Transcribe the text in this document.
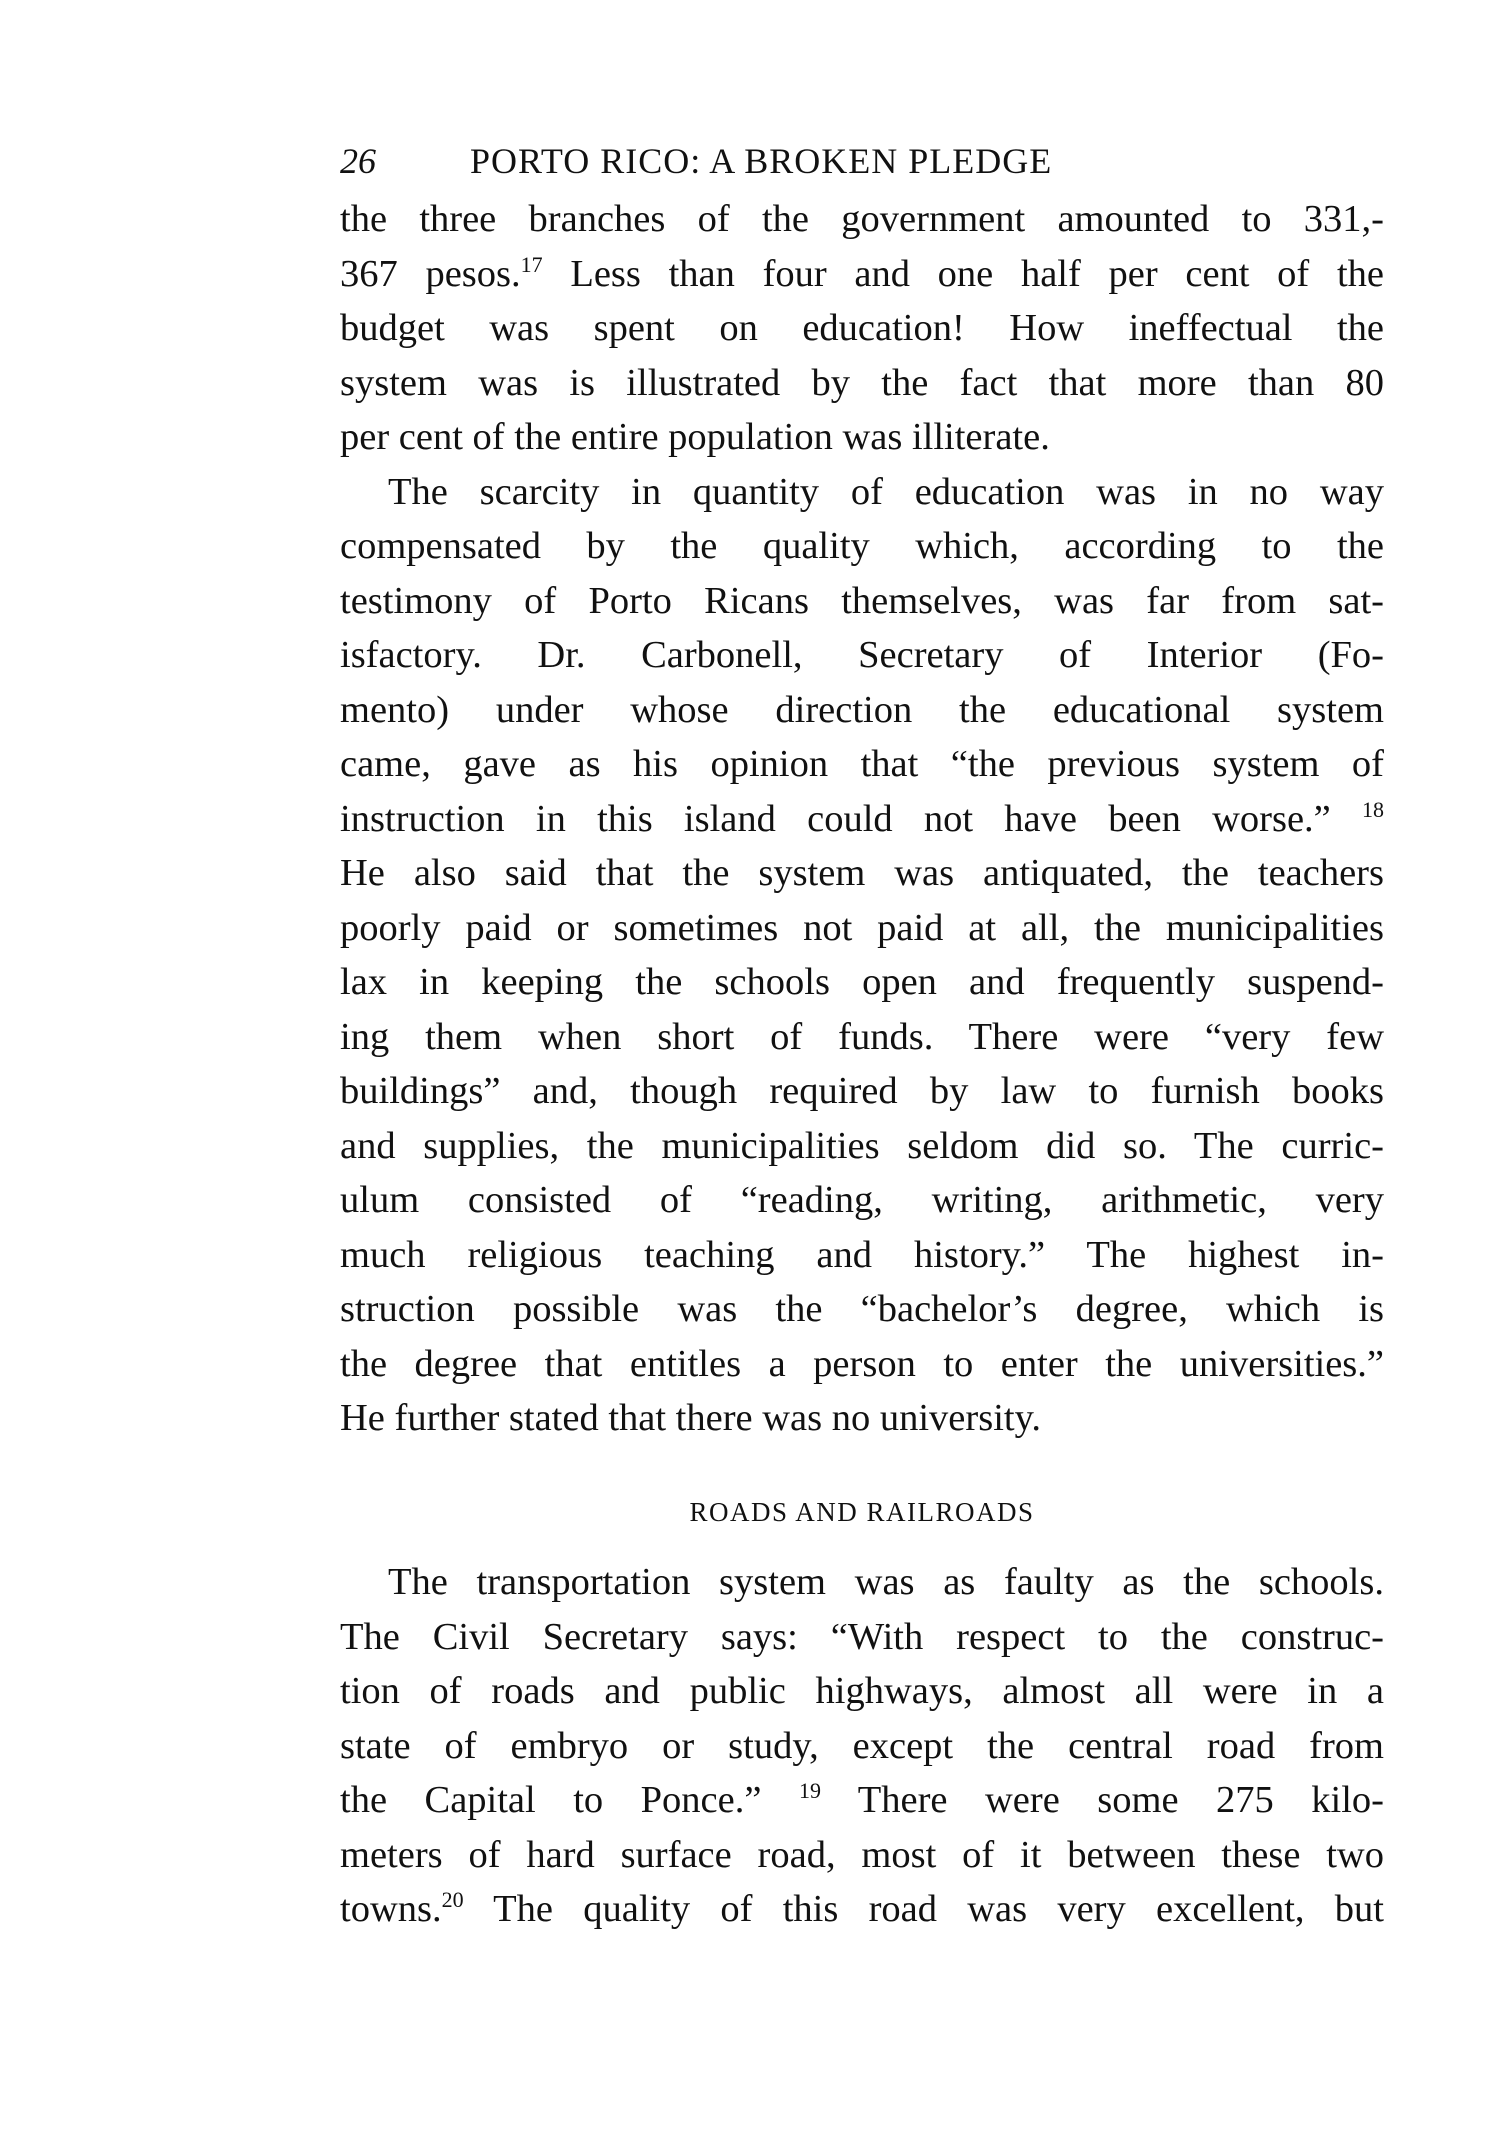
26	PORTO RICO: A BROKEN PLEDGE

the three branches of the government amounted to 331,-
367 pesos.$^{17}$ Less than four and one half per cent of the
budget was spent on education! How ineffectual the
system was is illustrated by the fact that more than 80
per cent of the entire population was illiterate.

The scarcity in quantity of education was in no way
compensated by the quality which, according to the
testimony of Porto Ricans themselves, was far from sat-
isfactory. Dr. Carbonell, Secretary of Interior (Fo-
mento) under whose direction the educational system
came, gave as his opinion that “the previous system of
instruction in this island could not have been worse.” $^{18}$
He also said that the system was antiquated, the teachers
poorly paid or sometimes not paid at all, the municipalities
lax in keeping the schools open and frequently suspend-
ing them when short of funds. There were “very few
buildings” and, though required by law to furnish books
and supplies, the municipalities seldom did so. The curric-
ulum consisted of “reading, writing, arithmetic, very
much religious teaching and history.” The highest in-
struction possible was the “bachelor’s degree, which is
the degree that entitles a person to enter the universities.”
He further stated that there was no university.

ROADS AND RAILROADS

The transportation system was as faulty as the schools.
The Civil Secretary says: “With respect to the construc-
tion of roads and public highways, almost all were in a
state of embryo or study, except the central road from
the Capital to Ponce.” $^{19}$ There were some 275 kilo-
meters of hard surface road, most of it between these two
towns.$^{20}$ The quality of this road was very excellent, but
